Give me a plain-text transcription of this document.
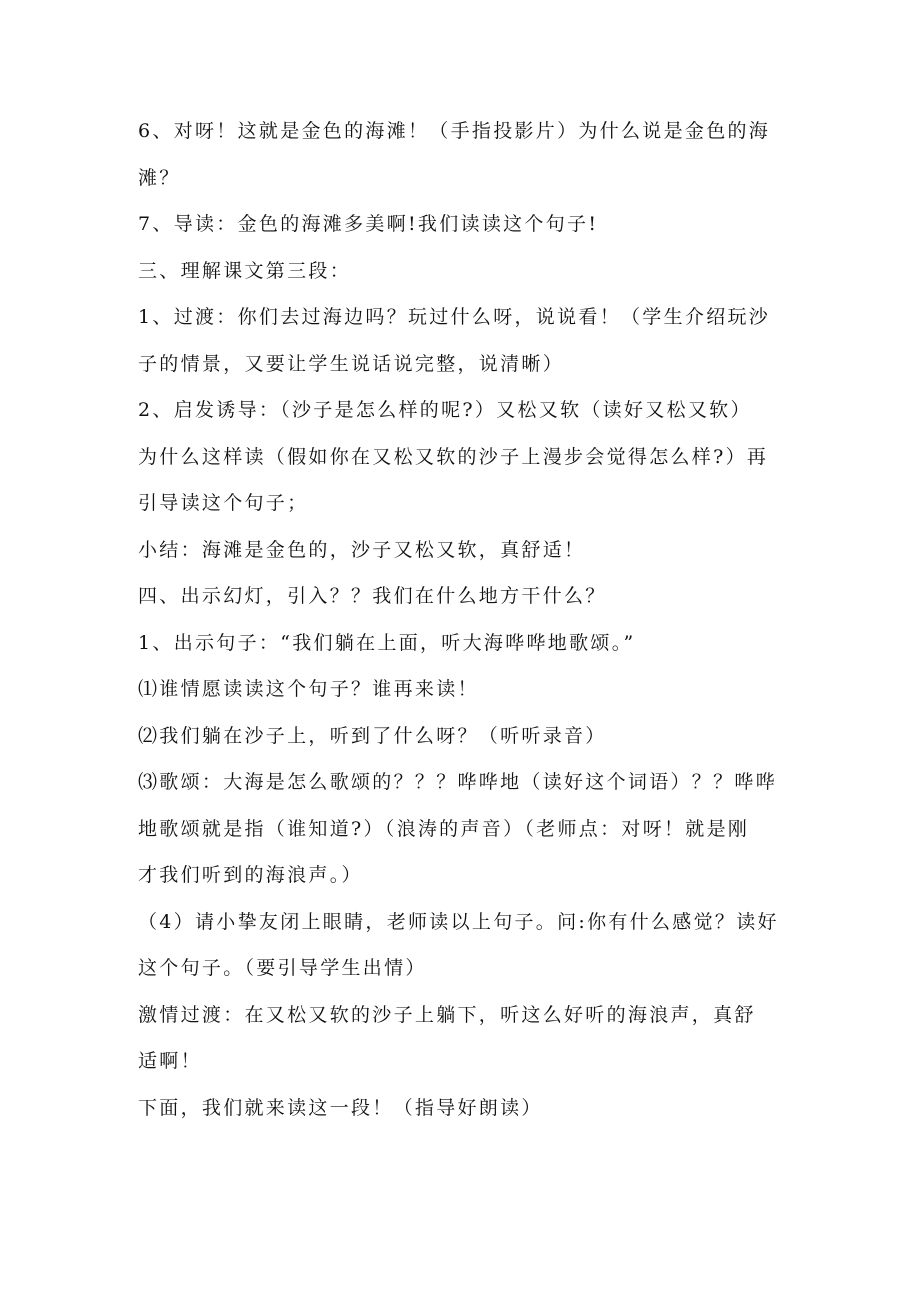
6、对呀！这就是金色的海滩！（手指投影片）为什么说是金色的海
滩？
7、导读：金色的海滩多美啊!我们读读这个句子!
三、理解课文第三段：
1、过渡：你们去过海边吗？玩过什么呀，说说看！（学生介绍玩沙
子的情景，又要让学生说话说完整，说清晰）
2、启发诱导：（沙子是怎么样的呢?）又松又软（读好又松又软）
为什么这样读（假如你在又松又软的沙子上漫步会觉得怎么样?）再
引导读这个句子；
小结：海滩是金色的，沙子又松又软，真舒适！
四、出示幻灯，引入？？我们在什么地方干什么？
1、出示句子：“我们躺在上面，听大海哗哗地歌颂。”
⑴谁情愿读读这个句子？谁再来读！
⑵我们躺在沙子上，听到了什么呀？（听听录音）
⑶歌颂：大海是怎么歌颂的？？？哗哗地（读好这个词语）？？哗哗
地歌颂就是指（谁知道?）（浪涛的声音）（老师点：对呀！就是刚
才我们听到的海浪声。）
（4）请小挚友闭上眼睛，老师读以上句子。问:你有什么感觉？读好
这个句子。（要引导学生出情）
激情过渡：在又松又软的沙子上躺下，听这么好听的海浪声，真舒
适啊！
下面，我们就来读这一段！（指导好朗读）
